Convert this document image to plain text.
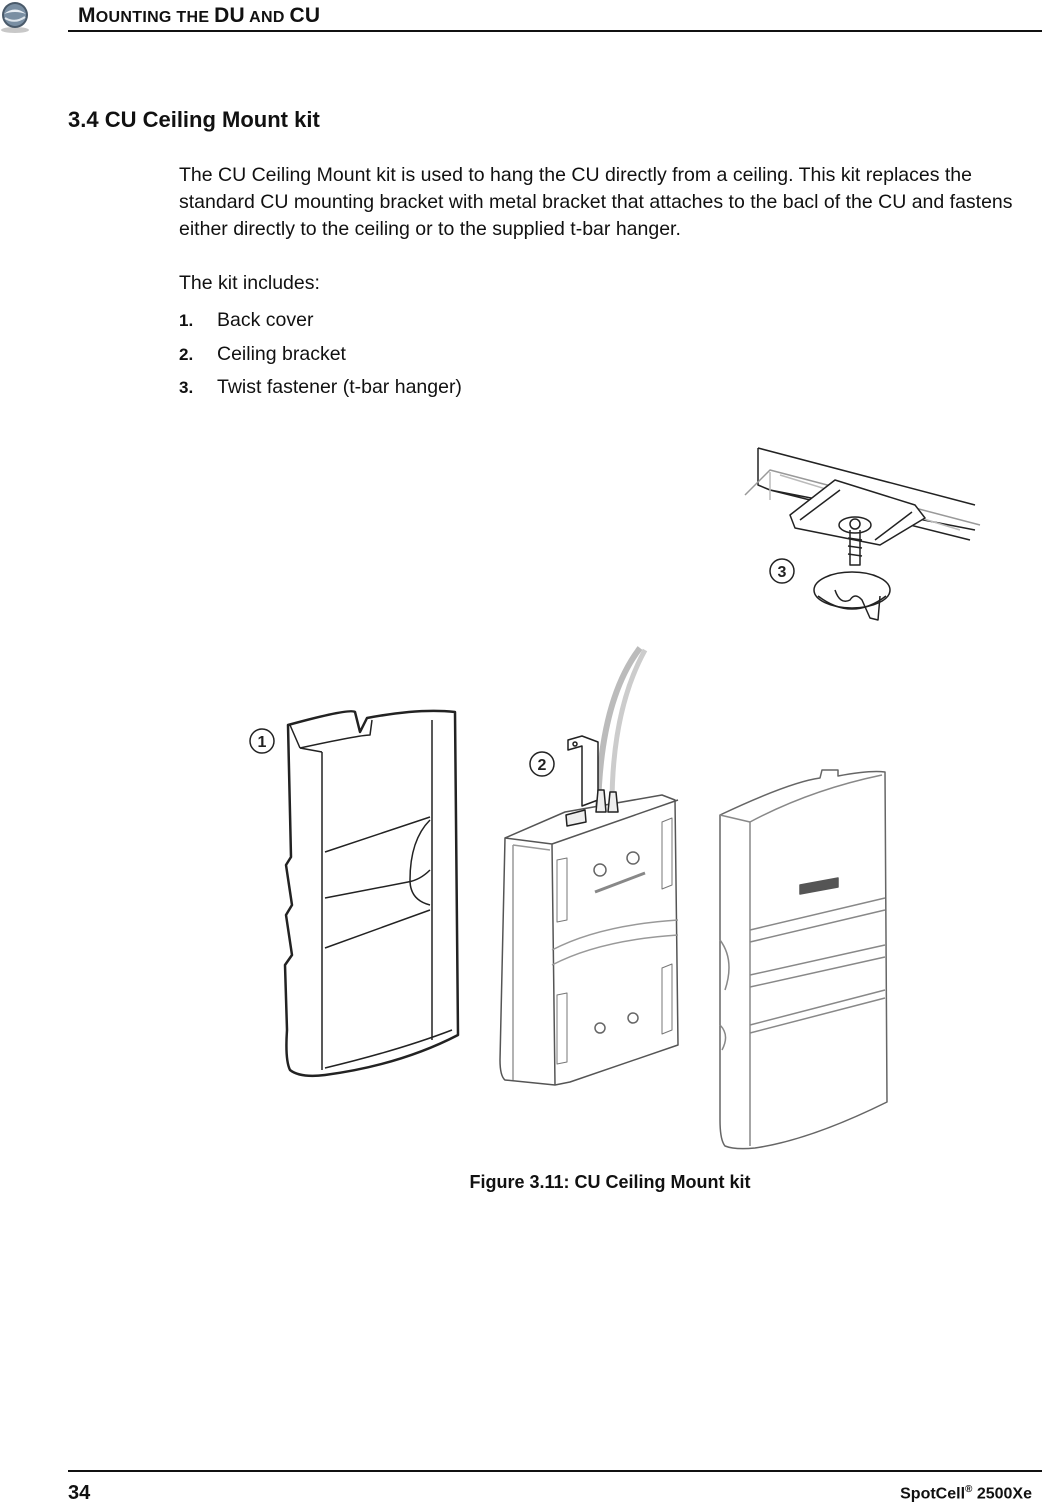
MOUNTING THE DU AND CU
3.4 CU Ceiling Mount kit

The CU Ceiling Mount kit is used to hang the CU directly from a ceiling. This kit replaces the standard CU mounting bracket with metal bracket that attaches to the bacl of the CU and fastens either directly to the ceiling or to the supplied t-bar hanger.

The kit includes:

1.	Back cover
2.	Ceiling bracket
3.	Twist fastener (t-bar hanger)
1
2
3
Figure 3.11: CU Ceiling Mount kit
34	SpotCell® 2500Xe
